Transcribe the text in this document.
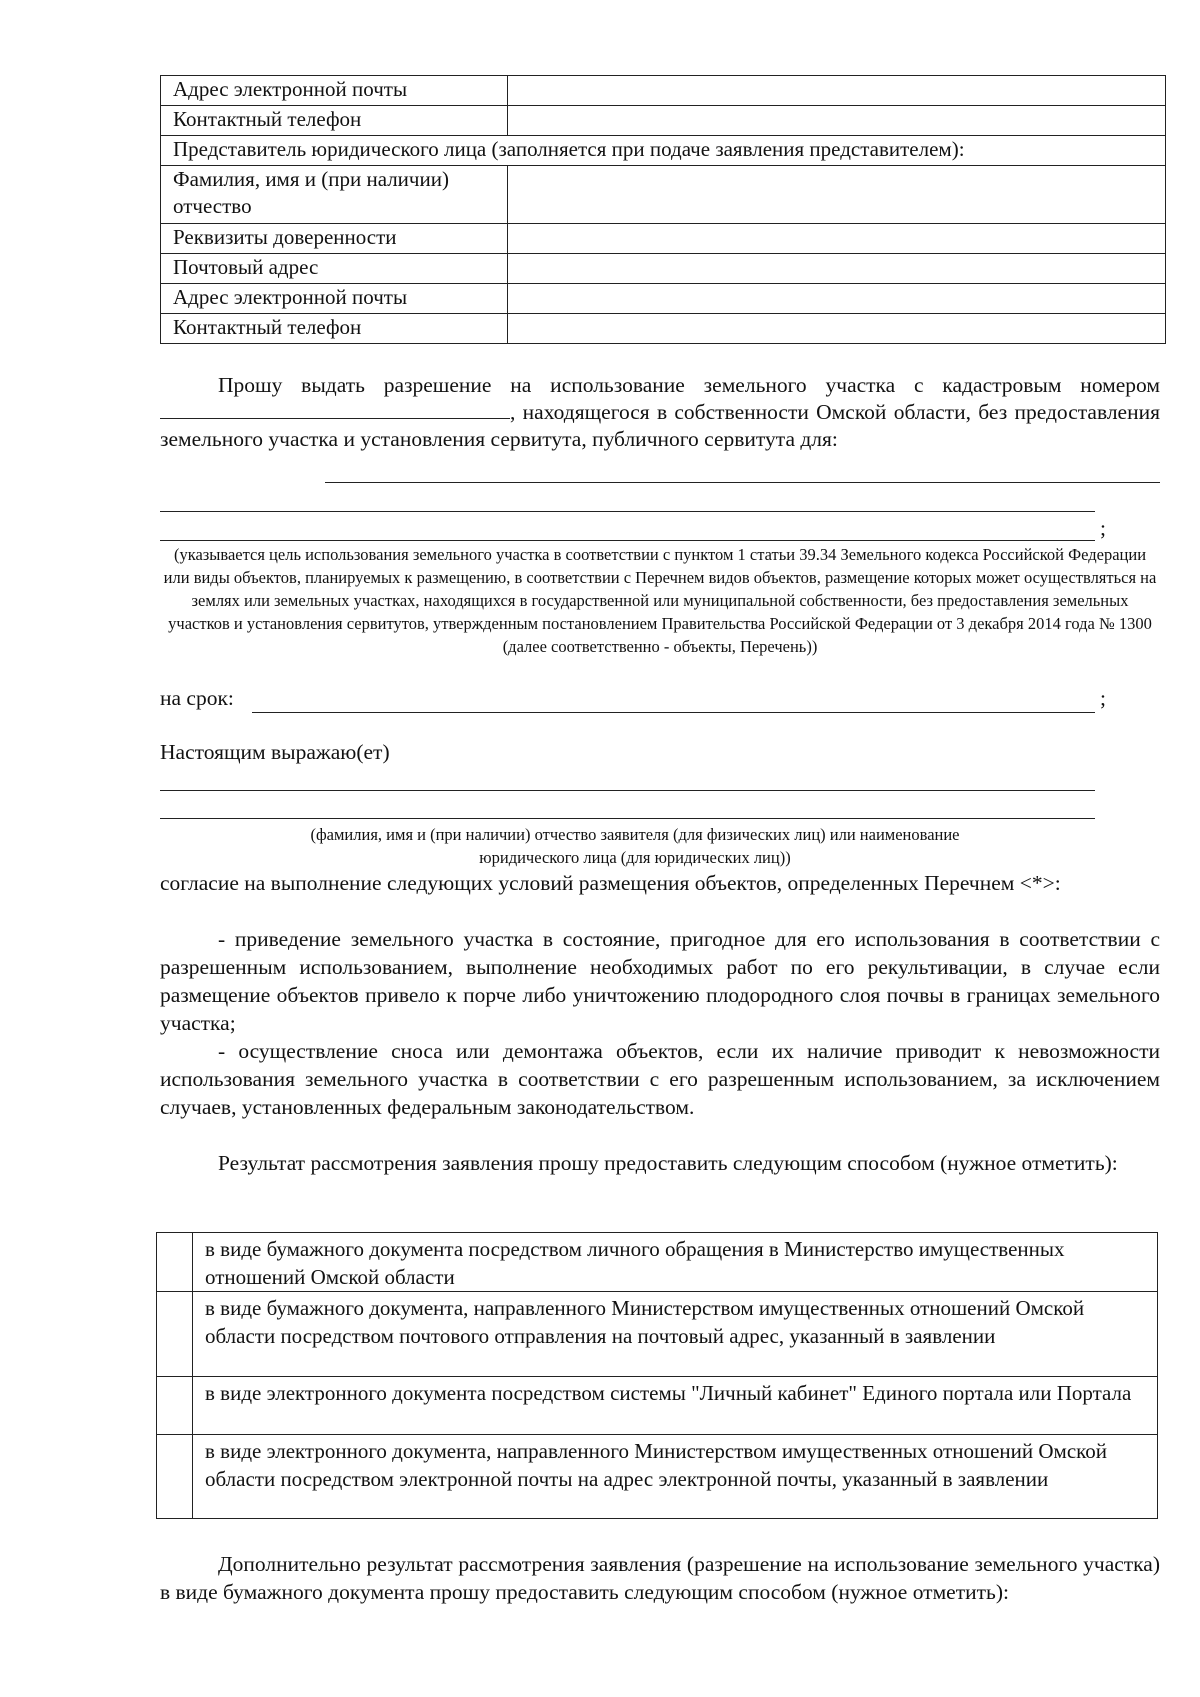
Адрес электронной почты	
Контактный телефон	
Представитель юридического лица (заполняется при подаче заявления представителем):	
Фамилия, имя и (при наличии) отчество	
Реквизиты доверенности	
Почтовый адрес	
Адрес электронной почты	
Контактный телефон	
Прошу выдать разрешение на использование земельного участка с кадастровым номером , находящегося в собственности Омской области, без предоставления земельного участка и установления сервитута, публичного сервитута для:
;
(указывается цель использования земельного участка в соответствии с пунктом 1 статьи 39.34 Земельного кодекса Российской Федерации или виды объектов, планируемых к размещению, в соответствии с Перечнем видов объектов, размещение которых может осуществляться на землях или земельных участках, находящихся в государственной или муниципальной собственности, без предоставления земельных участков и установления сервитутов, утвержденным постановлением Правительства Российской Федерации от 3 декабря 2014 года № 1300 (далее соответственно - объекты, Перечень))
на срок:	;
Настоящим выражаю(ет)
(фамилия, имя и (при наличии) отчество заявителя (для физических лиц) или наименование юридического лица (для юридических лиц))
согласие на выполнение следующих условий размещения объектов, определенных Перечнем <*>:
- приведение земельного участка в состояние, пригодное для его использования в соответствии с разрешенным использованием, выполнение необходимых работ по его рекультивации, в случае если размещение объектов привело к порче либо уничтожению плодородного слоя почвы в границах земельного участка;
- осуществление сноса или демонтажа объектов, если их наличие приводит к невозможности использования земельного участка в соответствии с его разрешенным использованием, за исключением случаев, установленных федеральным законодательством.
Результат рассмотрения заявления прошу предоставить следующим способом (нужное отметить):
	в виде бумажного документа посредством личного обращения в Министерство имущественных отношений Омской области
	в виде бумажного документа, направленного Министерством имущественных отношений Омской области посредством почтового отправления на почтовый адрес, указанный в заявлении
	в виде электронного документа посредством системы "Личный кабинет" Единого портала или Портала
	в виде электронного документа, направленного Министерством имущественных отношений Омской области посредством электронной почты на адрес электронной почты, указанный в заявлении
Дополнительно результат рассмотрения заявления (разрешение на использование земельного участка) в виде бумажного документа прошу предоставить следующим способом (нужное отметить):
